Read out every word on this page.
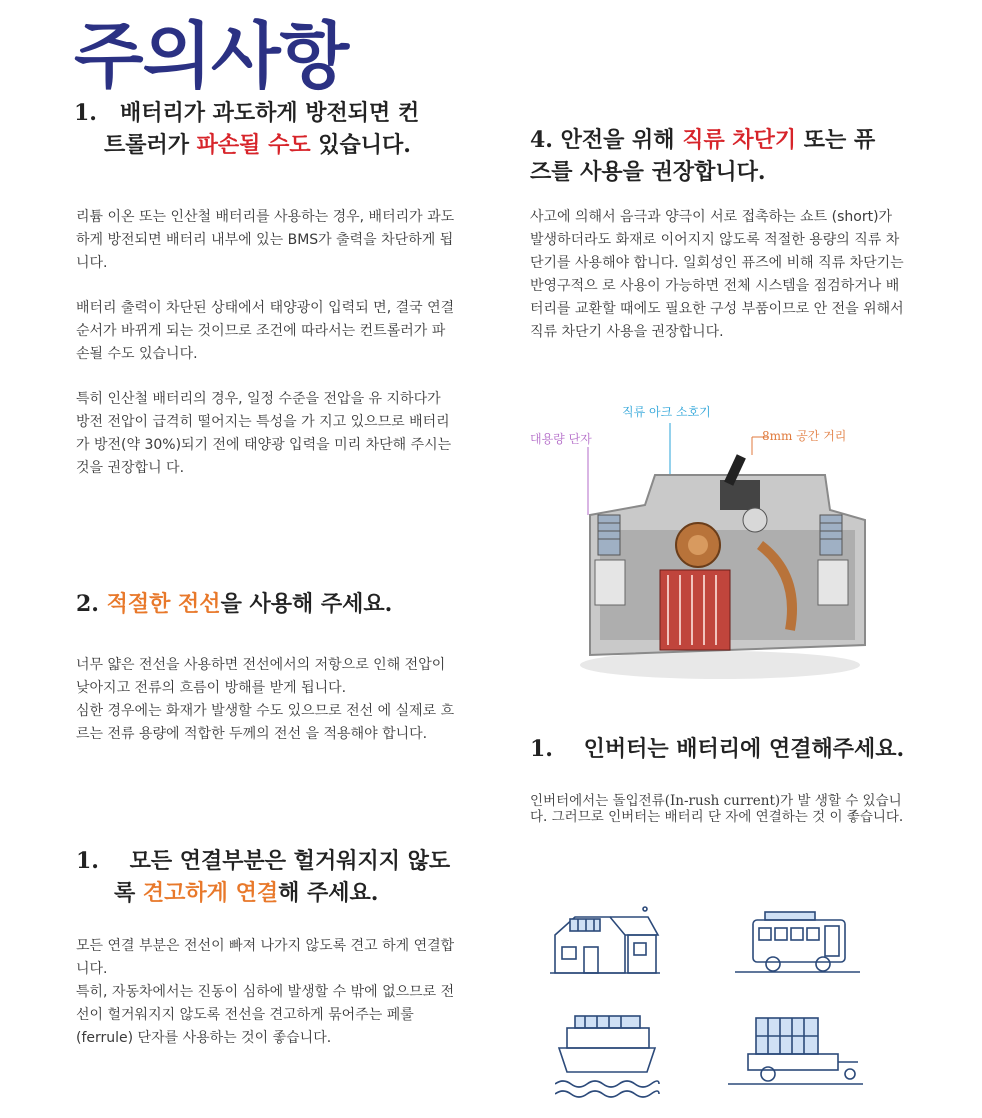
주의사항
1.   배터리가 과도하게 방전되면 컨
트롤러가 파손될 수도 있습니다.

리튬 이온 또는 인산철 배터리를 사용하는 경우, 배터리가 과도하게 방전되면 배터리 내부에 있는 BMS가 출력을 차단하게 됩니다.

배터리 출력이 차단된 상태에서 태양광이 입력되 면, 결국 연결 순서가 바뀌게 되는 것이므로 조건에 따라서는 컨트롤러가 파손될 수도 있습니다.

특히 인산철 배터리의 경우, 일정 수준을 전압을 유 지하다가 방전 전압이 급격히 떨어지는 특성을 가 지고 있으므로 배터리가 방전(약 30%)되기 전에 태양광 입력을 미리 차단해 주시는 것을 권장합니 다.

2. 적절한 전선을 사용해 주세요.

너무 얇은 전선을 사용하면 전선에서의 저항으로 인해 전압이 낮아지고 전류의 흐름이 방해를 받게 됩니다.

심한 경우에는 화재가 발생할 수도 있으므로 전선 에 실제로 흐르는 전류 용량에 적합한 두께의 전선 을 적용해야 합니다.

1.    모든 연결부분은 헐거워지지 않도
록 견고하게 연결해 주세요.

모든 연결 부분은 전선이 빠져 나가지 않도록 견고 하게 연결합니다.

특히, 자동차에서는 진동이 심하에 발생할 수 밖에 없으므로 전선이 헐거워지지 않도록 전선을 견고하게 묶어주는 페룰 (ferrule) 단자를 사용하는 것이 좋습니다.

4. 안전을 위해 직류 차단기 또는 퓨
즈를 사용을 권장합니다.
사고에 의해서 음극과 양극이 서로 접촉하는 쇼트 (short)가 발생하더라도 화재로 이어지지 않도록 적절한 용량의 직류 차단기를 사용해야 합니다. 일회성인 퓨즈에 비해 직류 차단기는 반영구적으 로 사용이 가능하면 전체 시스템을 점검하거나 배 터리를 교환할 때에도 필요한 구성 부품이므로 안 전을 위해서 직류 차단기 사용을 권장합니다.
직류 아크 소호기
대용량 단자	8mm 공간 거리
1.    인버터는 배터리에 연결해주세요.
인버터에서는 돌입전류(In-rush current)가 발 생할 수 있습니다. 그러므로 인버터는 배터리 단 자에 연결하는 것 이 좋습니다.
